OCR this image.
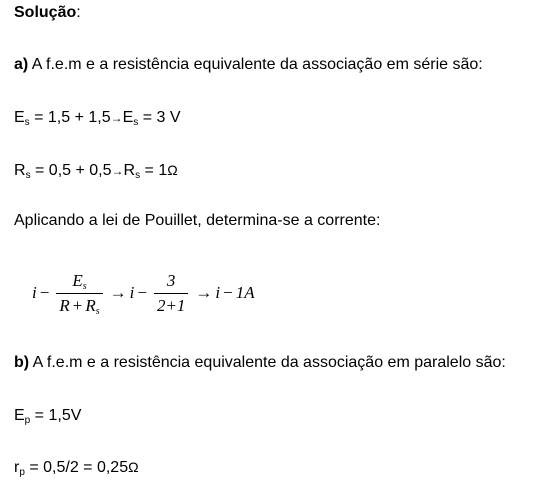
Solução:
a) A f.e.m e a resistência equivalente da associação em série são:
$E_s = 1,5 + 1,5\to E_s = 3$ V
$R_s = 0,5 + 0,5\to R_s = 1\Omega$
Aplicando a lei de Pouillet, determina-se a corrente:
$i - \frac{E_s}{R + R_s} \to i - \frac{3}{2+1} \to i - 1A$
b) A f.e.m e a resistência equivalente da associação em paralelo são:
$E_p = 1,5V$
$r_p = 0,5/2 = 0,25\Omega$
